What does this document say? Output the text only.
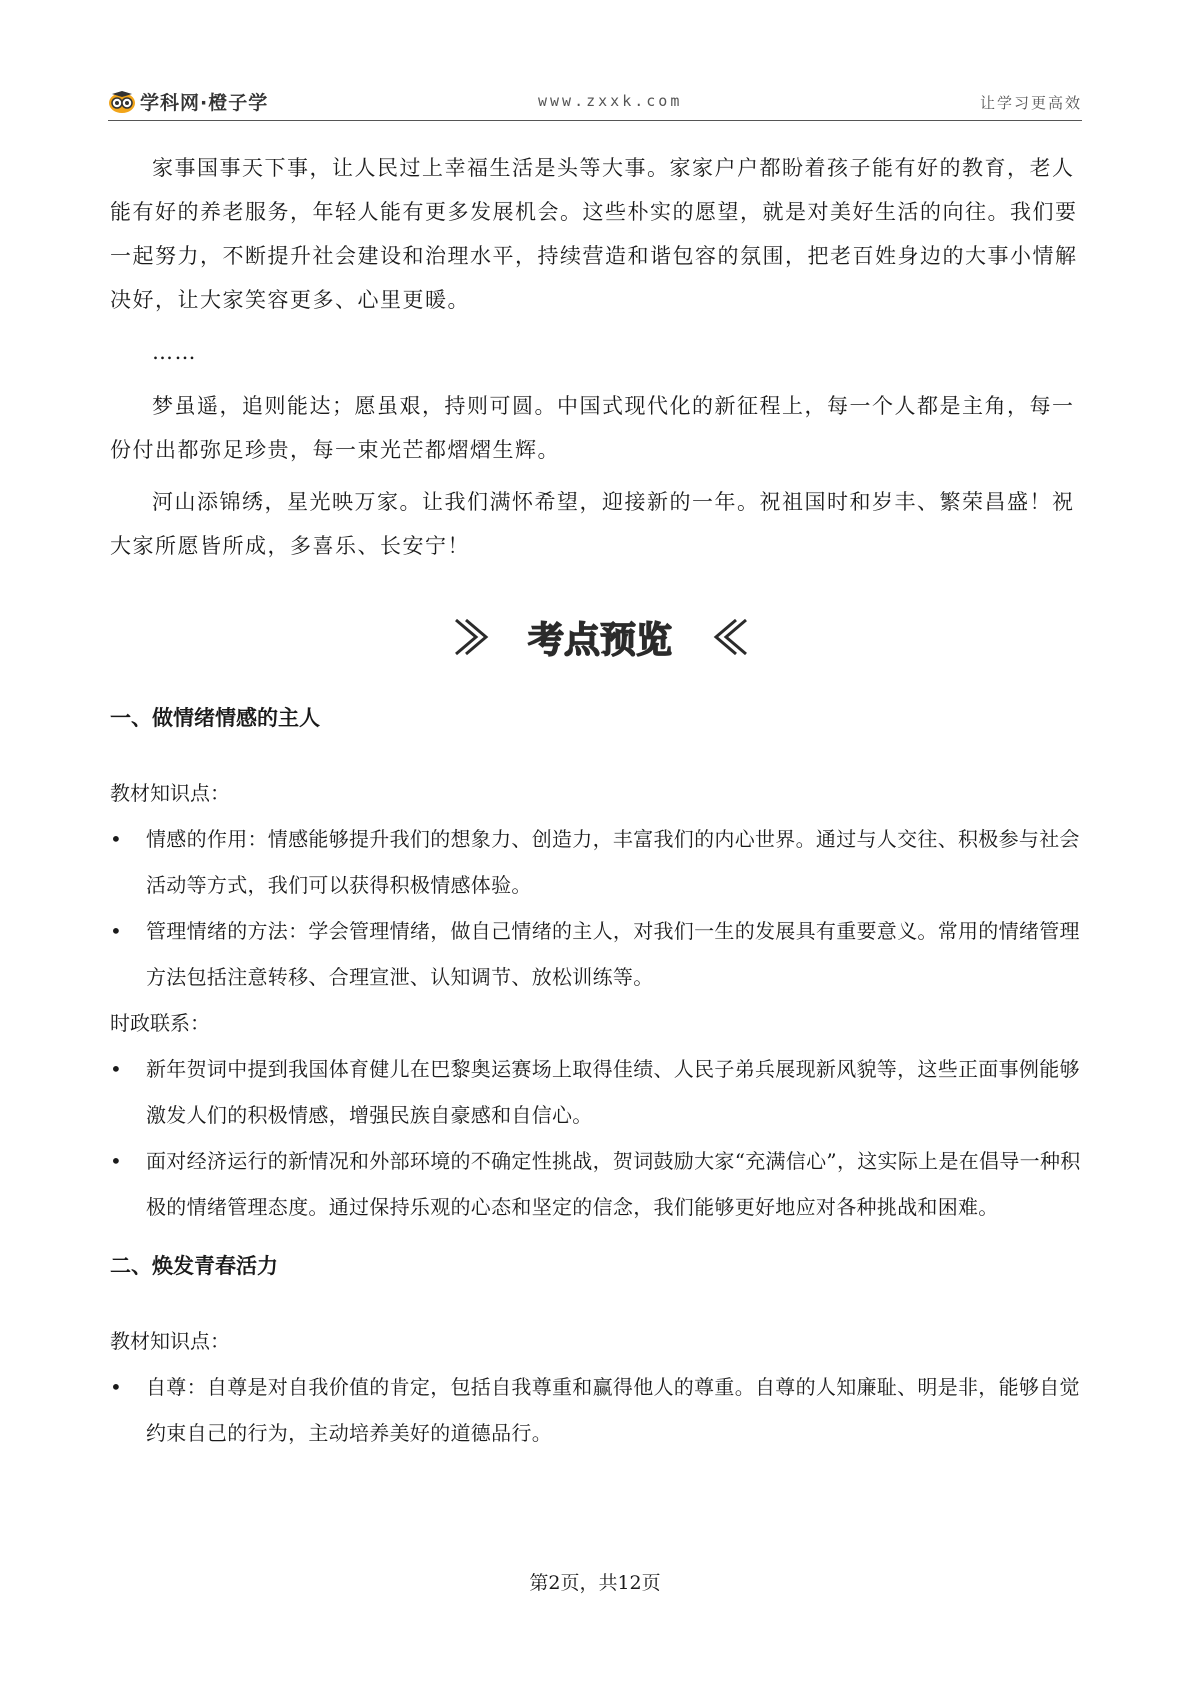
学科网·橙子学	www.zxxk.com	让学习更高效

家事国事天下事，让人民过上幸福生活是头等大事。家家户户都盼着孩子能有好的教育，老人能有好的养老服务，年轻人能有更多发展机会。这些朴实的愿望，就是对美好生活的向往。我们要一起努力，不断提升社会建设和治理水平，持续营造和谐包容的氛围，把老百姓身边的大事小情解决好，让大家笑容更多、心里更暖。

……

梦虽遥，追则能达；愿虽艰，持则可圆。中国式现代化的新征程上，每一个人都是主角，每一份付出都弥足珍贵，每一束光芒都熠熠生辉。

河山添锦绣，星光映万家。让我们满怀希望，迎接新的一年。祝祖国时和岁丰、繁荣昌盛！祝大家所愿皆所成，多喜乐、长安宁！

考点预览
一、做情绪情感的主人

教材知识点：

• 情感的作用：情感能够提升我们的想象力、创造力，丰富我们的内心世界。通过与人交往、积极参与社会活动等方式，我们可以获得积极情感体验。
• 管理情绪的方法：学会管理情绪，做自己情绪的主人，对我们一生的发展具有重要意义。常用的情绪管理方法包括注意转移、合理宣泄、认知调节、放松训练等。

时政联系：

• 新年贺词中提到我国体育健儿在巴黎奥运赛场上取得佳绩、人民子弟兵展现新风貌等，这些正面事例能够激发人们的积极情感，增强民族自豪感和自信心。
• 面对经济运行的新情况和外部环境的不确定性挑战，贺词鼓励大家“充满信心”，这实际上是在倡导一种积极的情绪管理态度。通过保持乐观的心态和坚定的信念，我们能够更好地应对各种挑战和困难。
二、焕发青春活力

教材知识点：

• 自尊：自尊是对自我价值的肯定，包括自我尊重和赢得他人的尊重。自尊的人知廉耻、明是非，能够自觉约束自己的行为，主动培养美好的道德品行。
第2页，共12页
